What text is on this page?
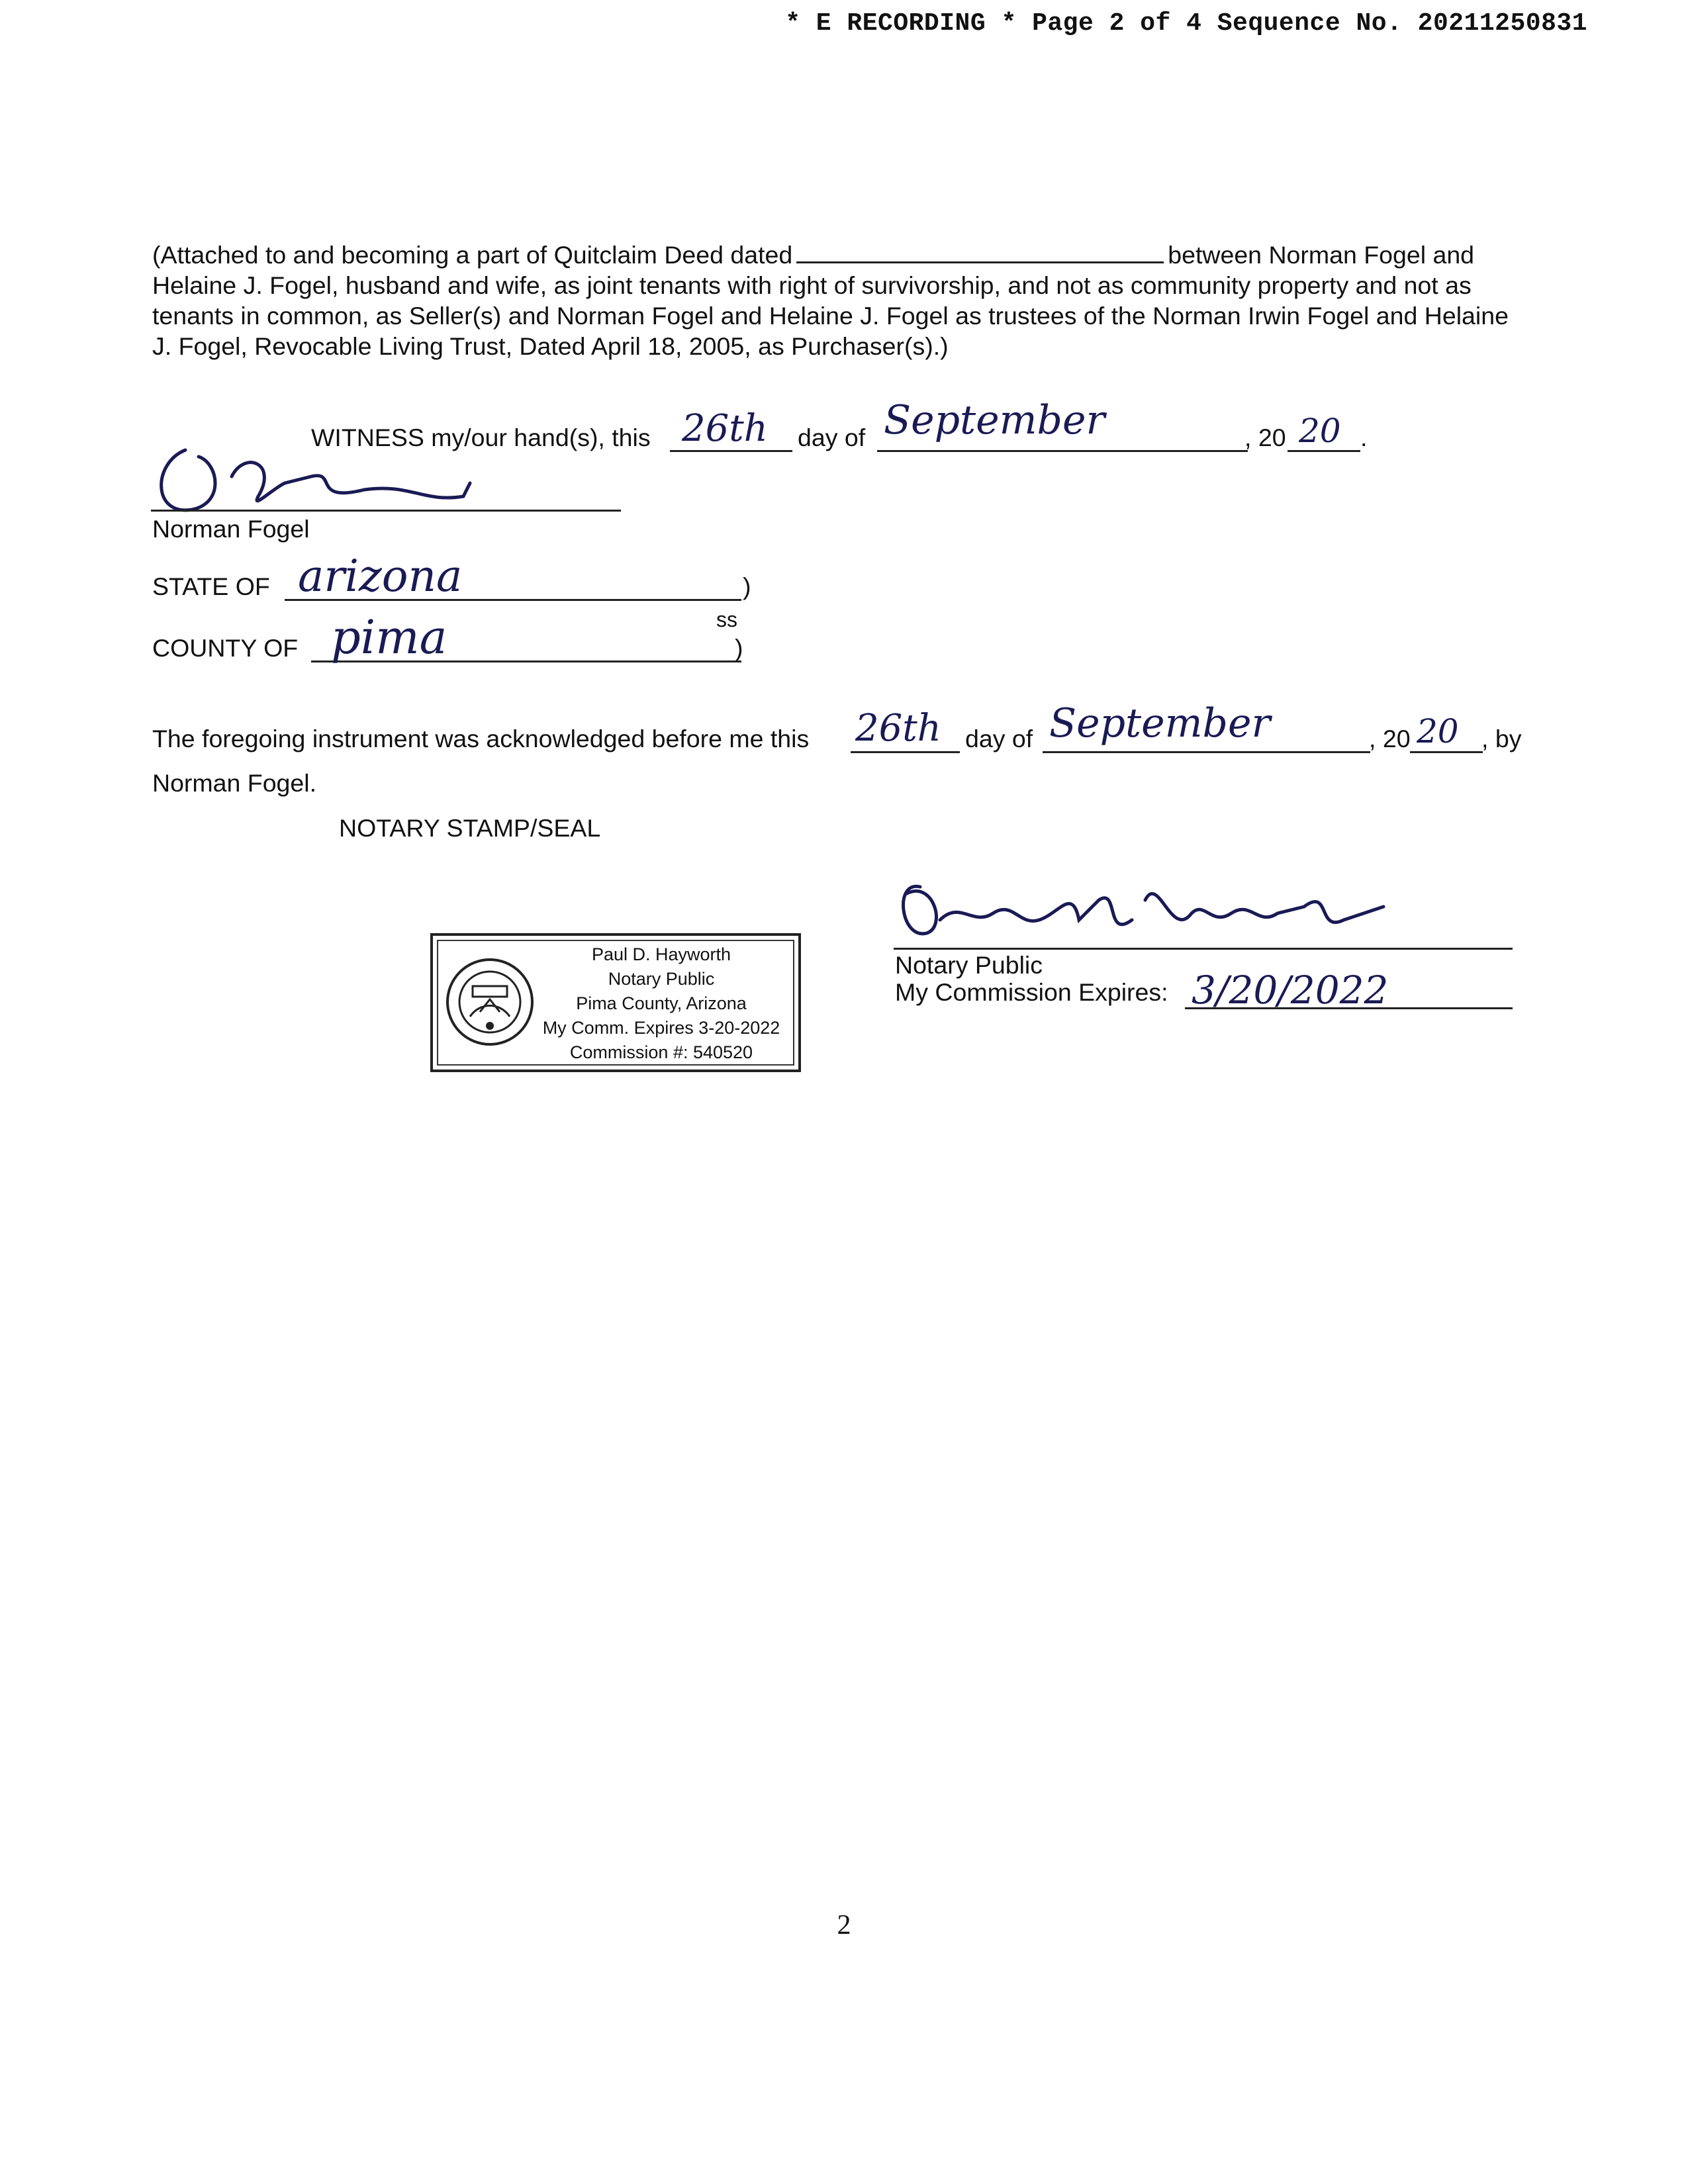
* E RECORDING * Page 2 of 4 Sequence No. 20211250831
(Attached to and becoming a part of Quitclaim Deed dated	between Norman Fogel and Helaine J. Fogel, husband and wife, as joint tenants with right of survivorship, and not as community property and not as tenants in common, as Seller(s) and Norman Fogel and Helaine J. Fogel as trustees of the Norman Irwin Fogel and Helaine J. Fogel, Revocable Living Trust, Dated April 18, 2005, as Purchaser(s).)
WITNESS my/our hand(s), this 26th day of September	, 20 20 .
Norman Fogel
STATE OF arizona	)
ss
COUNTY OF pima	)
The foregoing instrument was acknowledged before me this 26th day of September	, 20 20 , by
Norman Fogel.
NOTARY STAMP/SEAL
Paul D. Hayworth
Notary Public
Pima County, Arizona
My Comm. Expires 3-20-2022
Commission #: 540520
Notary Public
My Commission Expires: 3/20/2022
2
